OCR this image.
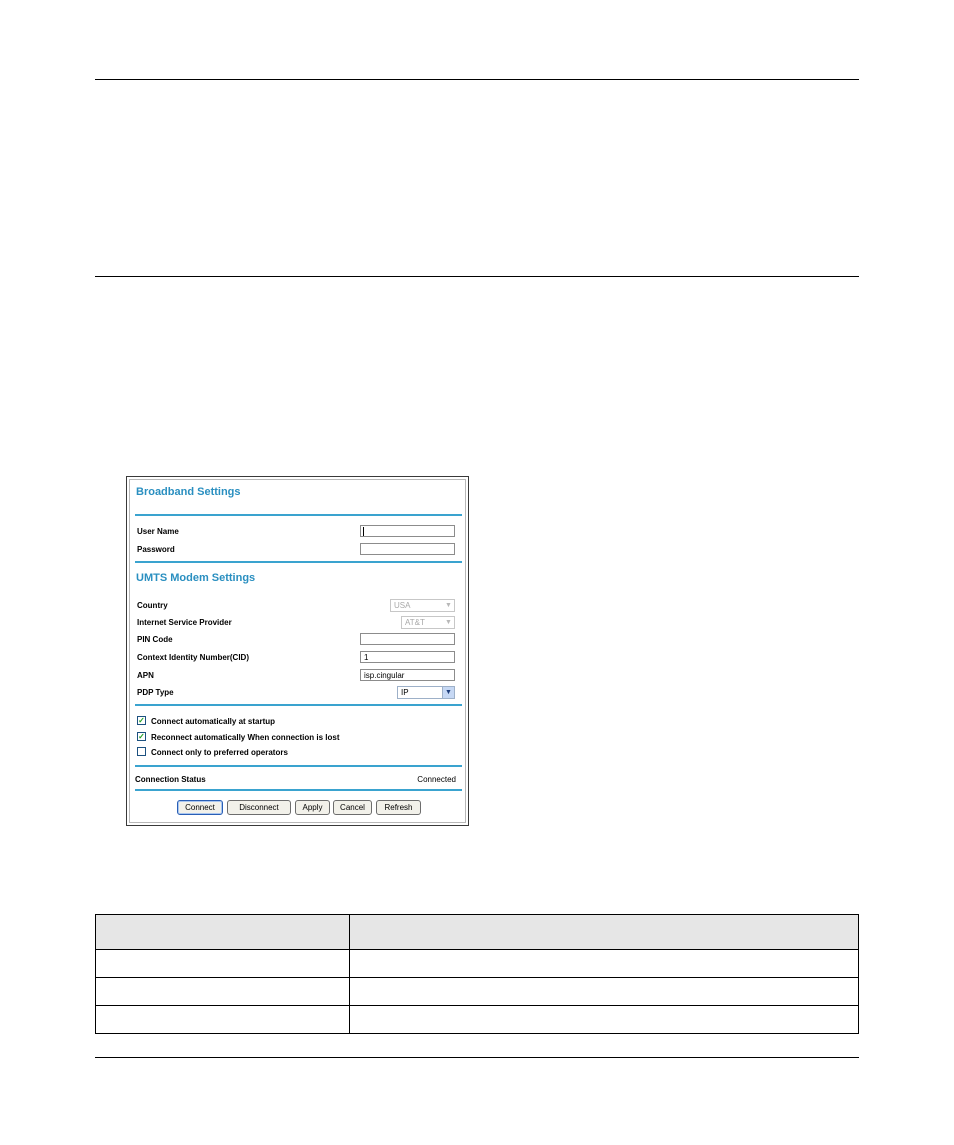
Broadband Settings
User Name
Password
UMTS Modem Settings
Country	USA	▼
Internet Service Provider	AT&T	▼
PIN Code
Context Identity Number(CID)	1
APN	isp.cingular
PDP Type	IP	▼
✓ Connect automatically at startup
✓ Reconnect automatically When connection is lost
Connect only to preferred operators
Connection Status	Connected
Connect	Disconnect	Apply	Cancel	Refresh
